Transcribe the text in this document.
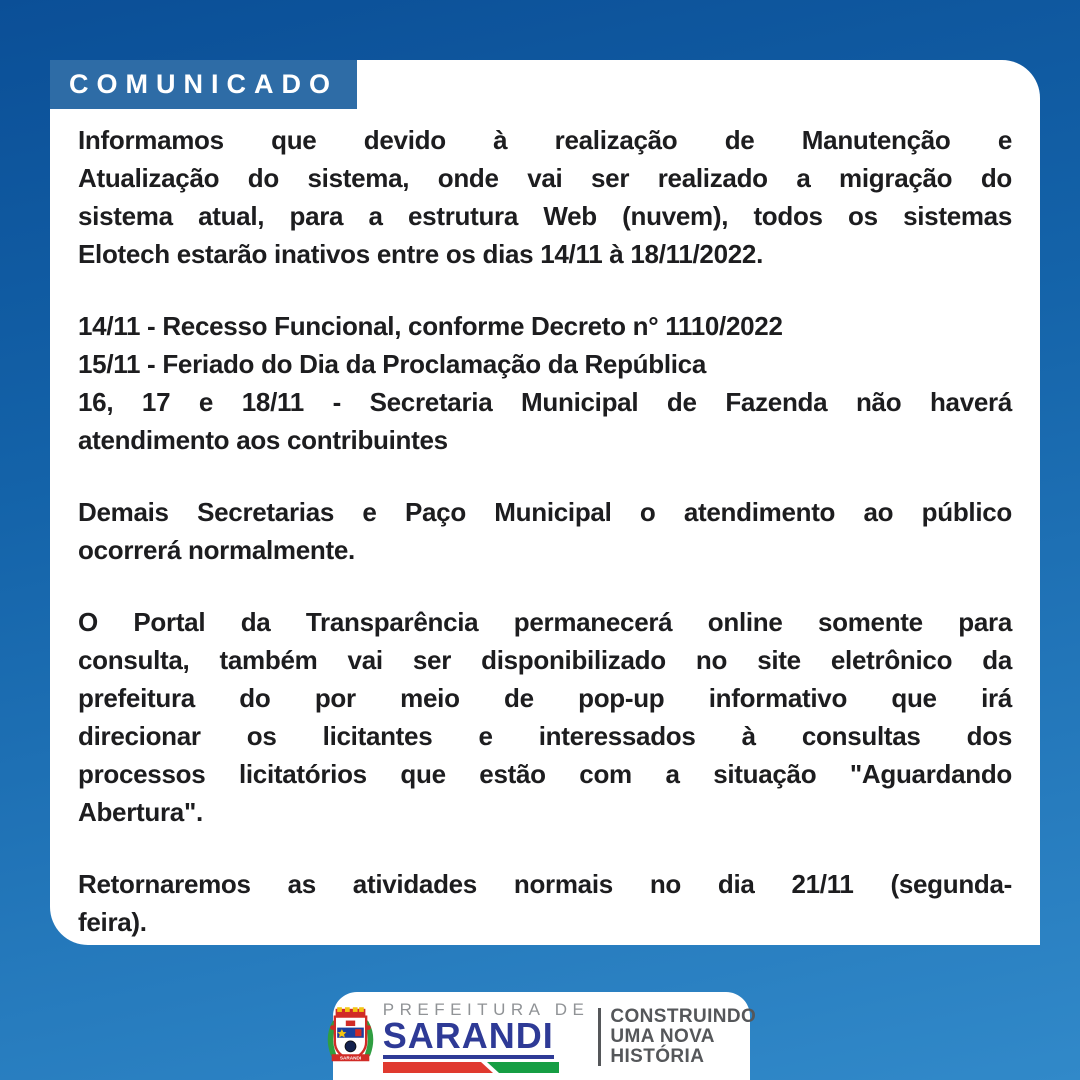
COMUNICADO
Informamos que devido à realização de Manutenção e
Atualização do sistema, onde vai ser realizado a migração do
sistema atual, para a estrutura Web (nuvem), todos os sistemas
Elotech estarão inativos entre os dias 14/11 à 18/11/2022.
14/11 - Recesso Funcional, conforme Decreto n° 1110/2022
15/11 - Feriado do Dia da Proclamação da República
16, 17 e 18/11 - Secretaria Municipal de Fazenda não haverá
atendimento aos contribuintes
Demais Secretarias e Paço Municipal o atendimento ao público
ocorrerá normalmente.
O Portal da Transparência permanecerá online somente para
consulta, também vai ser disponibilizado no site eletrônico da
prefeitura do por meio de pop-up informativo que irá
direcionar os licitantes e interessados à consultas dos
processos licitatórios que estão com a situação "Aguardando
Abertura".
Retornaremos as atividades normais no dia 21/11 (segunda-
feira).
SARANDI
PREFEITURA DE
SARANDI	CONSTRUINDO
UMA NOVA
HISTÓRIA
